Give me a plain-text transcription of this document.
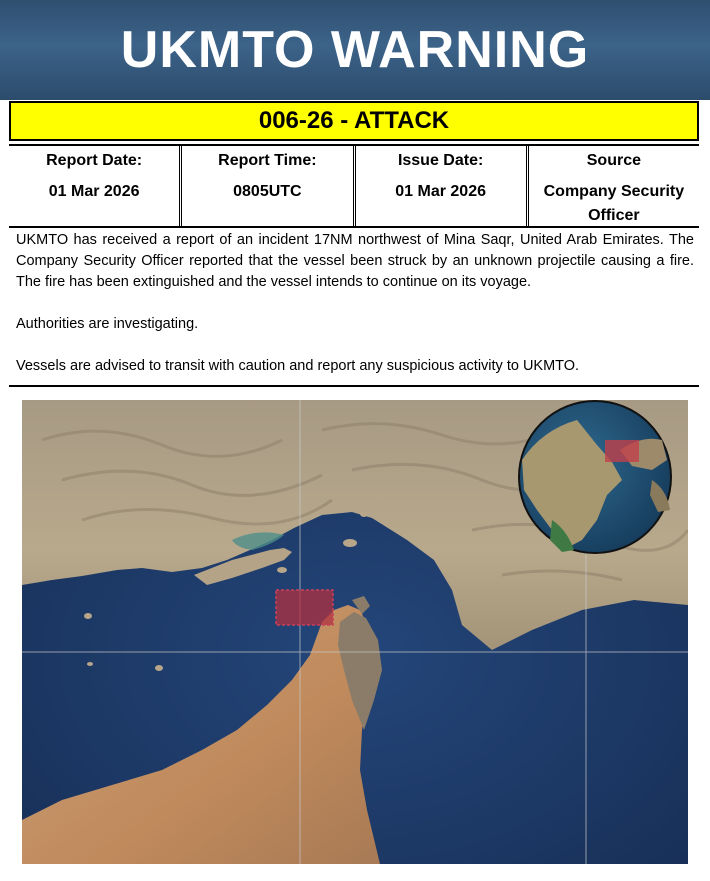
UKMTO WARNING
006-26 - ATTACK
Report Date:
01 Mar 2026
Report Time:
0805UTC
Issue Date:
01 Mar 2026
Source
Company Security Officer

UKMTO has received a report of an incident 17NM northwest of Mina Saqr, United Arab Emirates. The Company Security Officer reported that the vessel been struck by an unknown projectile causing a fire. The fire has been extinguished and the vessel intends to continue on its voyage.

Authorities are investigating.

Vessels are advised to transit with caution and report any suspicious activity to UKMTO.
